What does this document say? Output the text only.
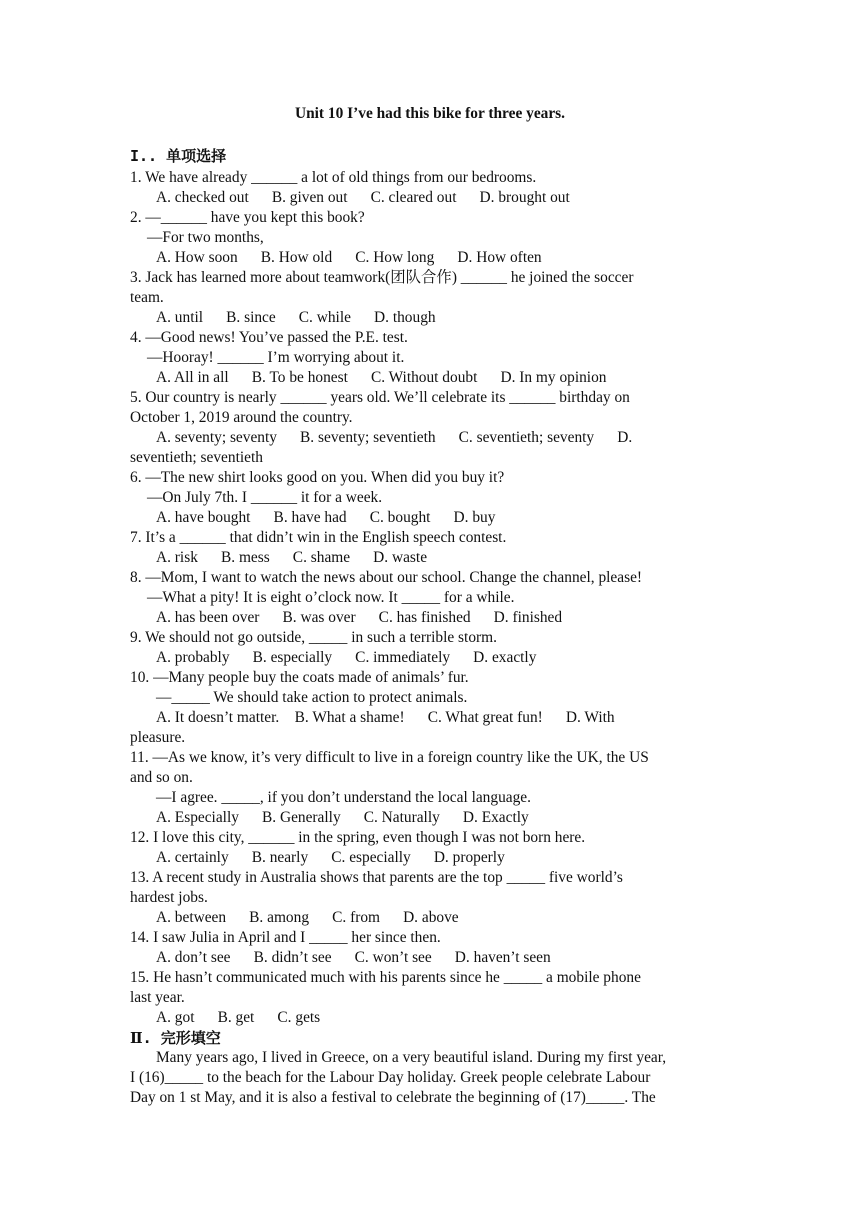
Unit 10 I’ve had this bike for three years.
I.. 单项选择
1. We have already ______ a lot of old things from our bedrooms.
A. checked out      B. given out      C. cleared out      D. brought out
2. —______ have you kept this book?
—For two months,
A. How soon      B. How old      C. How long      D. How often
3. Jack has learned more about teamwork(团队合作) ______ he joined the soccer
team.
A. until      B. since      C. while      D. though
4. —Good news! You’ve passed the P.E. test.
—Hooray! ______ I’m worrying about it.
A. All in all      B. To be honest      C. Without doubt      D. In my opinion
5. Our country is nearly ______ years old. We’ll celebrate its ______ birthday on
October 1, 2019 around the country.
A. seventy; seventy      B. seventy; seventieth      C. seventieth; seventy      D.
seventieth; seventieth
6. —The new shirt looks good on you. When did you buy it?
—On July 7th. I ______ it for a week.
A. have bought      B. have had      C. bought      D. buy
7. It’s a ______ that didn’t win in the English speech contest.
A. risk      B. mess      C. shame      D. waste
8. —Mom, I want to watch the news about our school. Change the channel, please!
—What a pity! It is eight o’clock now. It _____ for a while.
A. has been over      B. was over      C. has finished      D. finished
9. We should not go outside, _____ in such a terrible storm.
A. probably      B. especially      C. immediately      D. exactly
10. —Many people buy the coats made of animals’ fur.
—_____ We should take action to protect animals.
A. It doesn’t matter.    B. What a shame!      C. What great fun!      D. With
pleasure.
11. —As we know, it’s very difficult to live in a foreign country like the UK, the US
and so on.
—I agree. _____, if you don’t understand the local language.
A. Especially      B. Generally      C. Naturally      D. Exactly
12. I love this city, ______ in the spring, even though I was not born here.
A. certainly      B. nearly      C. especially      D. properly
13. A recent study in Australia shows that parents are the top _____ five world’s
hardest jobs.
A. between      B. among      C. from      D. above
14. I saw Julia in April and I _____ her since then.
A. don’t see      B. didn’t see      C. won’t see      D. haven’t seen
15. He hasn’t communicated much with his parents since he _____ a mobile phone
last year.
A. got      B. get      C. gets
Ⅱ. 完形填空
Many years ago, I lived in Greece, on a very beautiful island. During my first year,
I (16)_____ to the beach for the Labour Day holiday. Greek people celebrate Labour
Day on 1 st May, and it is also a festival to celebrate the beginning of (17)_____. The
